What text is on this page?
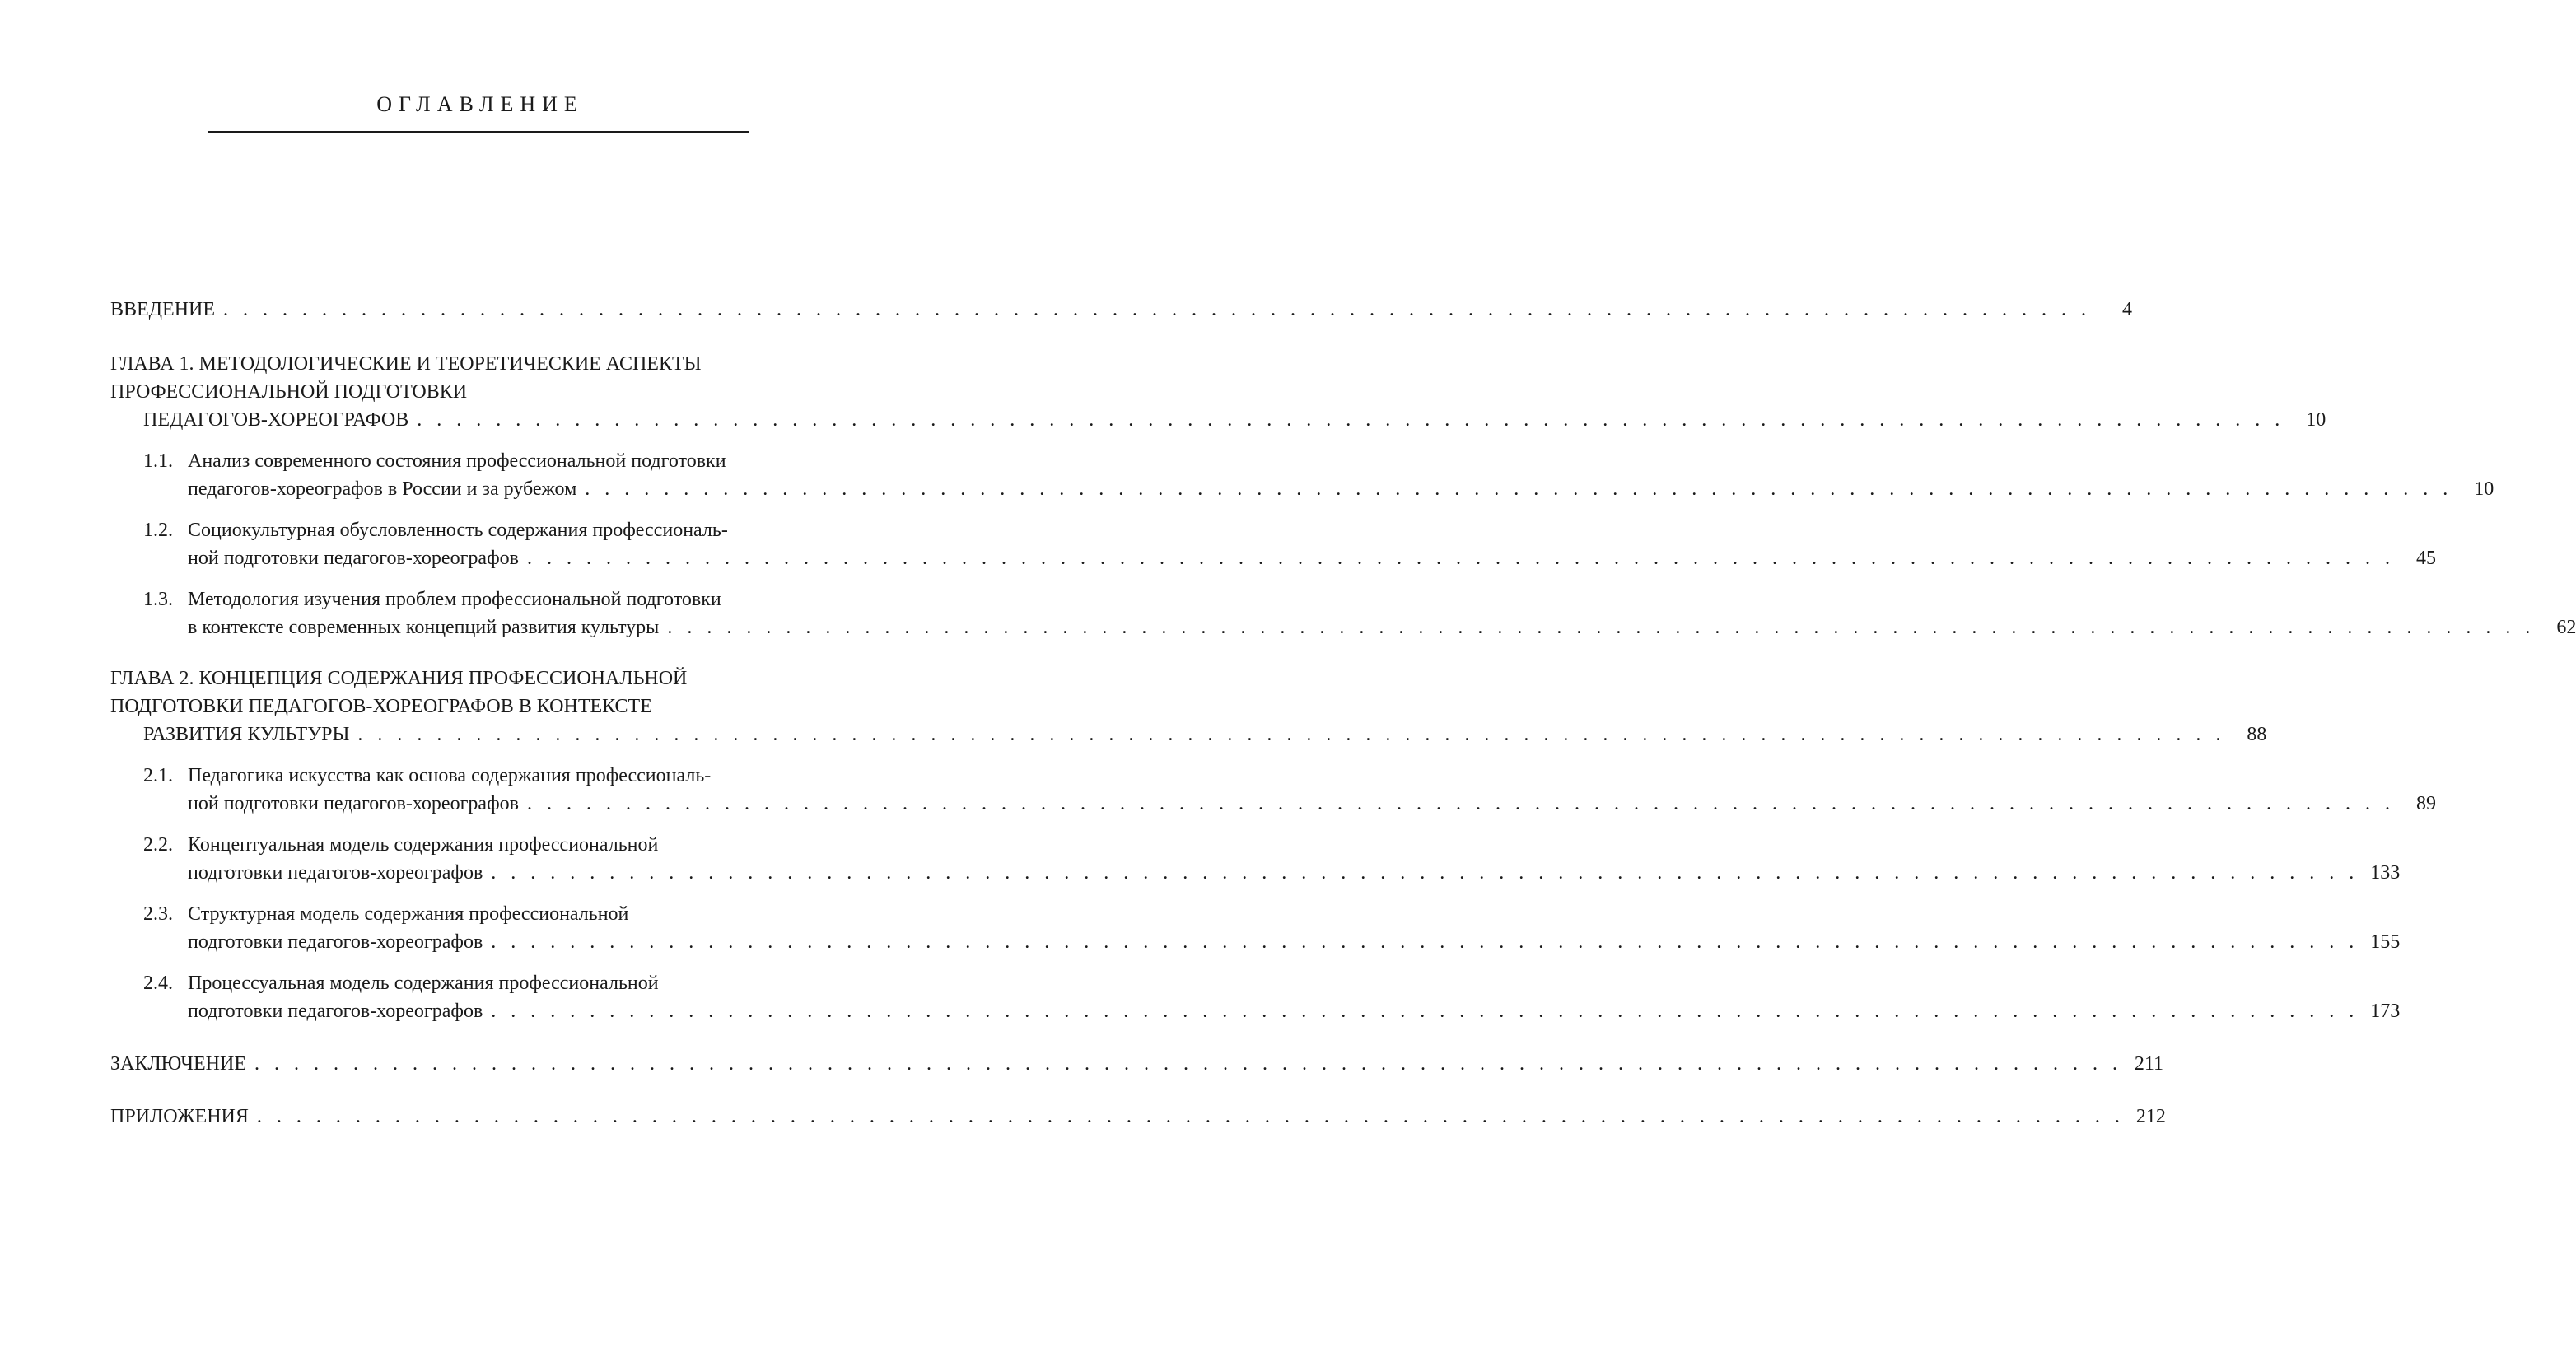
ОГЛАВЛЕНИЕ
ВВЕДЕНИЕ . . . . . . . . . . . . . . . . . . . . . . . . . . . . . . . . . . . . . . . . . . . . . . . . . . . . . . . . . . . . . . . . . . . . . . . . . . . . . . . . . . . . . . . . . . . . . . .	4
ГЛАВА 1. МЕТОДОЛОГИЧЕСКИЕ И ТЕОРЕТИЧЕСКИЕ АСПЕКТЫ
ПРОФЕССИОНАЛЬНОЙ ПОДГОТОВКИ
ПЕДАГОГОВ-ХОРЕОГРАФОВ . . . . . . . . . . . . . . . . . . . . . . . . . . . . . . . . . . . . . . . . . . . . . . . . . . . . . . . . . . . . . . . . . . . . . . . . . . . . . . . . . . . . . . . . . . . . . . .	10
1.1. Анализ современного состояния профессиональной подготовки
педагогов-хореографов в России и за рубежом . . . . . . . . . . . . . . . . . . . . . . . . . . . . . . . . . . . . . . . . . . . . . . . . . . . . . . . . . . . . . . . . . . . . . . . . . . . . . . . . . . . . . . . . . . . . . . .	10
1.2. Социокультурная обусловленность содержания профессиональ-
ной подготовки педагогов-хореографов . . . . . . . . . . . . . . . . . . . . . . . . . . . . . . . . . . . . . . . . . . . . . . . . . . . . . . . . . . . . . . . . . . . . . . . . . . . . . . . . . . . . . . . . . . . . . . .	45
1.3. Методология изучения проблем профессиональной подготовки
в контексте современных концепций развития культуры . . . . . . . . . . . . . . . . . . . . . . . . . . . . . . . . . . . . . . . . . . . . . . . . . . . . . . . . . . . . . . . . . . . . . . . . . . . . . . . . . . . . . . . . . . . . . . .	62
ГЛАВА 2. КОНЦЕПЦИЯ СОДЕРЖАНИЯ ПРОФЕССИОНАЛЬНОЙ
ПОДГОТОВКИ ПЕДАГОГОВ-ХОРЕОГРАФОВ В КОНТЕКСТЕ
РАЗВИТИЯ КУЛЬТУРЫ . . . . . . . . . . . . . . . . . . . . . . . . . . . . . . . . . . . . . . . . . . . . . . . . . . . . . . . . . . . . . . . . . . . . . . . . . . . . . . . . . . . . . . . . . . . . . . .	88
2.1. Педагогика искусства как основа содержания профессиональ-
ной подготовки педагогов-хореографов . . . . . . . . . . . . . . . . . . . . . . . . . . . . . . . . . . . . . . . . . . . . . . . . . . . . . . . . . . . . . . . . . . . . . . . . . . . . . . . . . . . . . . . . . . . . . . .	89
2.2. Концептуальная модель содержания профессиональной
подготовки педагогов-хореографов . . . . . . . . . . . . . . . . . . . . . . . . . . . . . . . . . . . . . . . . . . . . . . . . . . . . . . . . . . . . . . . . . . . . . . . . . . . . . . . . . . . . . . . . . . . . . . . 133
2.3. Структурная модель содержания профессиональной
подготовки педагогов-хореографов . . . . . . . . . . . . . . . . . . . . . . . . . . . . . . . . . . . . . . . . . . . . . . . . . . . . . . . . . . . . . . . . . . . . . . . . . . . . . . . . . . . . . . . . . . . . . . . 155
2.4. Процессуальная модель содержания профессиональной
подготовки педагогов-хореографов . . . . . . . . . . . . . . . . . . . . . . . . . . . . . . . . . . . . . . . . . . . . . . . . . . . . . . . . . . . . . . . . . . . . . . . . . . . . . . . . . . . . . . . . . . . . . . . 173
ЗАКЛЮЧЕНИЕ . . . . . . . . . . . . . . . . . . . . . . . . . . . . . . . . . . . . . . . . . . . . . . . . . . . . . . . . . . . . . . . . . . . . . . . . . . . . . . . . . . . . . . . . . . . . . . . 211
ПРИЛОЖЕНИЯ . . . . . . . . . . . . . . . . . . . . . . . . . . . . . . . . . . . . . . . . . . . . . . . . . . . . . . . . . . . . . . . . . . . . . . . . . . . . . . . . . . . . . . . . . . . . . . . 212
